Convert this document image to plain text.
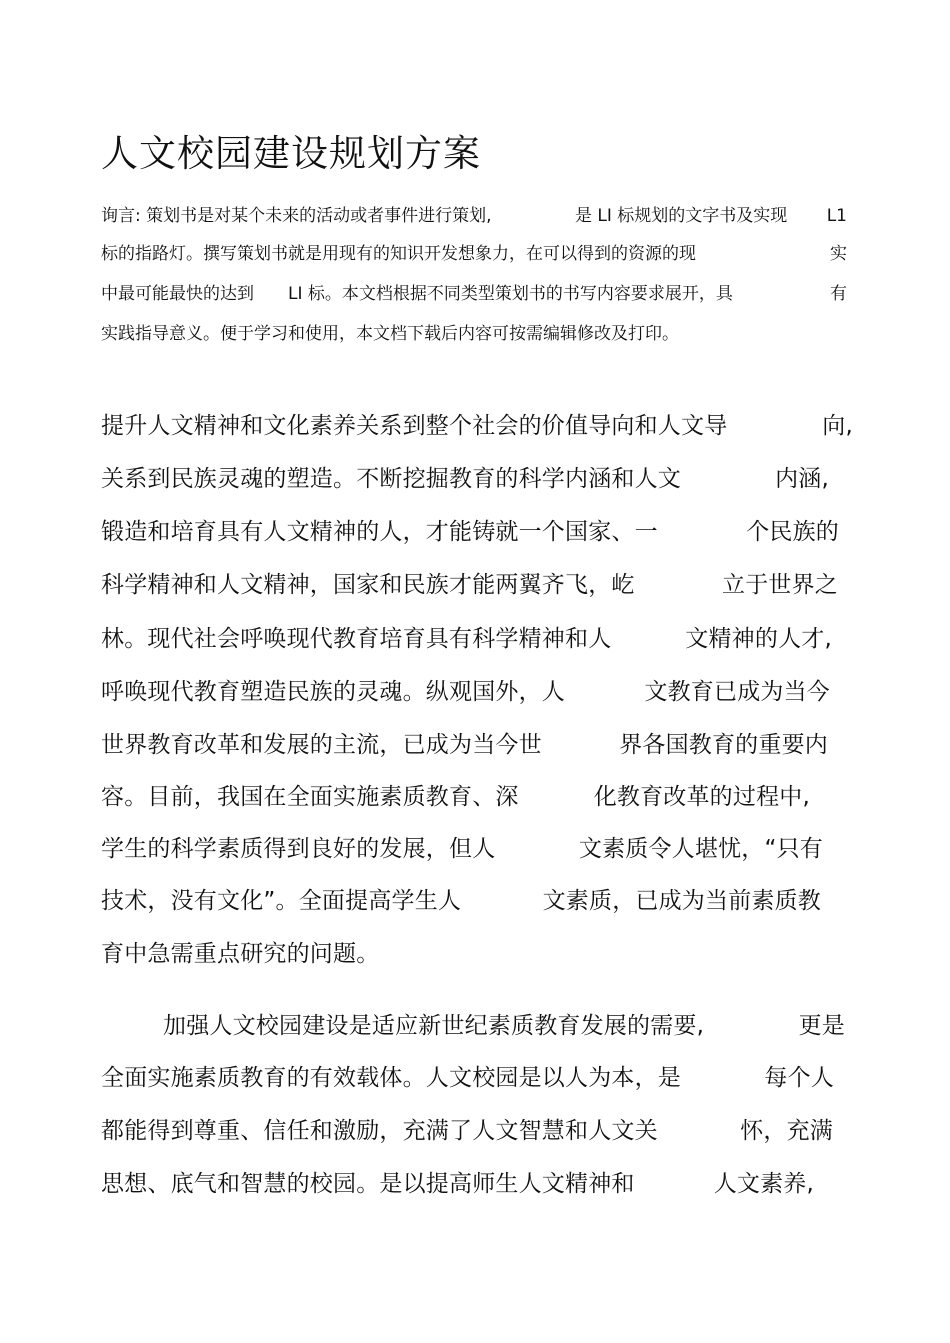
人文校园建设规划方案
询言: 策划书是对某个未来的活动或者事件进行策划,	是 LI 标规划的文字书及实现 L1
标的指路灯。撰写策划书就是用现有的知识开发想象力，在可以得到的资源的现	实
中最可能最快的达到 LI 标。本文档根据不同类型策划书的书写内容要求展开，具	有
实践指导意义。便于学习和使用，本文档下载后内容可按需编辑修改及打印。
提升人文精神和文化素养关系到整个社会的价值导向和人文导	向,
关系到民族灵魂的塑造。不断挖掘教育的科学内涵和人文	内涵,
锻造和培育具有人文精神的人，才能铸就一个国家、一	个民族的
科学精神和人文精神，国家和民族才能两翼齐飞，屹	立于世界之
林。现代社会呼唤现代教育培育具有科学精神和人	文精神的人才,
呼唤现代教育塑造民族的灵魂。纵观国外，人	文教育已成为当今
世界教育改革和发展的主流，已成为当今世	界各国教育的重要内
容。目前，我国在全面实施素质教育、深	化教育改革的过程中,
学生的科学素质得到良好的发展，但人	文素质令人堪忧，“只有
技术，没有文化”。全面提高学生人	文素质，已成为当前素质教
育中急需重点研究的问题。
加强人文校园建设是适应新世纪素质教育发展的需要,	更是
全面实施素质教育的有效载体。人文校园是以人为本，是	每个人
都能得到尊重、信任和激励，充满了人文智慧和人文关	怀，充满
思想、底气和智慧的校园。是以提高师生人文精神和	人文素养,
